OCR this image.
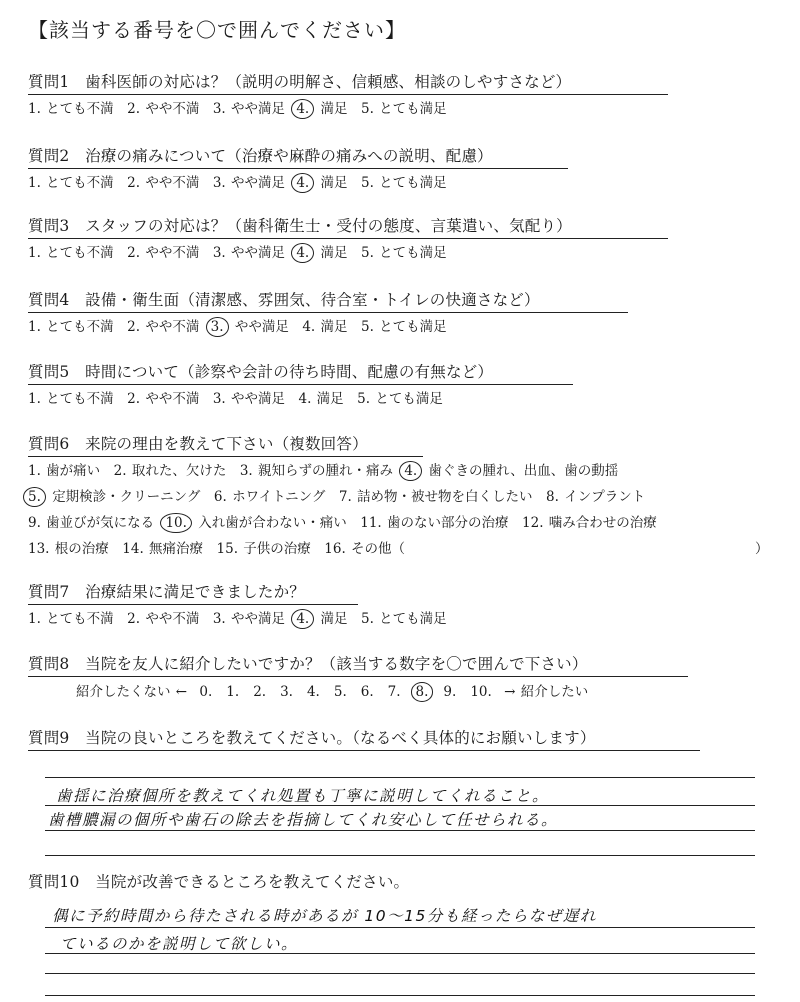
【該当する番号を〇で囲んでください】
質問1　歯科医師の対応は？（説明の明解さ、信頼感、相談のしやすさなど）
1. とても不満　2. やや不満　3. やや満足 4. 満足　5. とても満足
質問2　治療の痛みについて（治療や麻酔の痛みへの説明、配慮）
1. とても不満　2. やや不満　3. やや満足 4. 満足　5. とても満足
質問3　スタッフの対応は？（歯科衛生士・受付の態度、言葉遣い、気配り）
1. とても不満　2. やや不満　3. やや満足 4. 満足　5. とても満足
質問4　設備・衛生面（清潔感、雰囲気、待合室・トイレの快適さなど）
1. とても不満　2. やや不満 3. やや満足　4. 満足　5. とても満足
質問5　時間について（診察や会計の待ち時間、配慮の有無など）
1. とても不満　2. やや不満　3. やや満足　4. 満足　5. とても満足
質問6　来院の理由を教えて下さい（複数回答）
1. 歯が痛い　2. 取れた、欠けた　3. 親知らずの腫れ・痛み 4. 歯ぐきの腫れ、出血、歯の動揺
5. 定期検診・クリーニング　6. ホワイトニング　7. 詰め物・被せ物を白くしたい　8. インプラント
9. 歯並びが気になる 10. 入れ歯が合わない・痛い　11. 歯のない部分の治療　12. 噛み合わせの治療
13. 根の治療　14. 無痛治療　15. 子供の治療　16. その他（	）
質問7　治療結果に満足できましたか？
1. とても不満　2. やや不満　3. やや満足 4. 満足　5. とても満足
質問8　当院を友人に紹介したいですか？（該当する数字を〇で囲んで下さい）
紹介したくない ← 0. 1. 2. 3. 4. 5. 6. 7. 8. 9. 10. → 紹介したい
質問9　当院の良いところを教えてください。（なるべく具体的にお願いします）
歯揺に治療個所を教えてくれ処置も丁寧に説明してくれること。
歯槽膿漏の個所や歯石の除去を指摘してくれ安心して任せられる。
質問10　当院が改善できるところを教えてください。
偶に予約時間から待たされる時があるが 10〜15分も経ったらなぜ遅れ
ているのかを説明して欲しい。
